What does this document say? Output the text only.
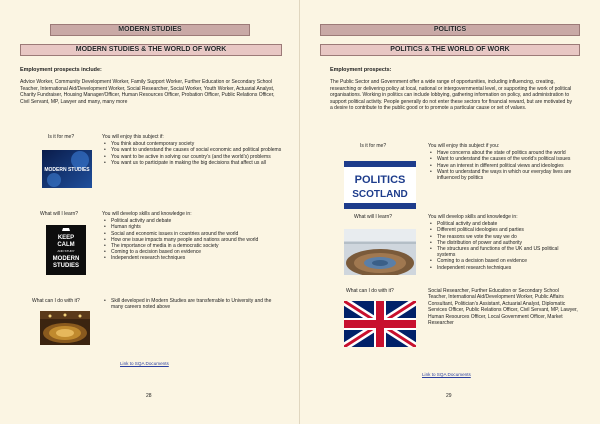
MODERN STUDIES
MODERN STUDIES & THE WORLD OF WORK
Employment prospects include:
Advice Worker, Community Development Worker, Family Support Worker, Further Education or Secondary School Teacher, International Aid/Development Worker, Social Researcher, Social Worker, Youth Worker, Actuarial Analyst, Charity Fundraiser, Housing Manager/Officer, Human Resources Officer, Probation Officer, Public Relations Officer, Civil Servant, MP, Lawyer and many, many more
Is it for me?
MODERN STUDIES
You will enjoy this subject if:
• You think about contemporary society
• You want to understand the causes of social economic and political problems
• You want to be active in solving our country’s (and the world’s) problems
• You want us to participate in making the big decisions that affect us all
What will I learn?
KEEP
CALM
AND STUDY
MODERN
STUDIES
You will develop skills and knowledge in:
• Political activity and debate
• Human rights
• Social and economic issues in countries around the world
• How one issue impacts many people and nations around the world
• The importance of media in a democratic society
• Coming to a decision based on evidence
• Independent research techniques
What can I do with it?
•	Skill developed in Modern Studies are transferrable to University and the many careers noted above
Link to SQA Documents
28
POLITICS
POLITICS & THE WORLD OF WORK
Employment prospects:
The Public Sector and Government offer a wide range of opportunities, including influencing, creating, researching or delivering policy at local, national or intergovernmental level, or supporting the work of political organisations. Working in politics can include lobbying, gathering information on policy, and administration to support political activity. People generally do not enter these sectors for financial reward, but are motivated by a desire to contribute to the public good or to promote a particular cause or set of values.
Is it for me?
POLITICS
SCOTLAND
You will enjoy this subject if you:
• Have concerns about the state of politics around the world
• Want to understand the causes of the world’s political issues
• Have an interest in different political views and ideologies
• Want to understand the ways in which our everyday lives are influenced by politics
What will I learn?	You will develop skills and knowledge in:
• Political activity and debate
• Different political ideologies and parties
• The reasons we vote the way we do
• The distribution of power and authority
• The structures and functions of the UK and US political systems
• Coming to a decision based on evidence
• Independent research techniques
What can I do with it?	Social Researcher, Further Education or Secondary School Teacher, International Aid/Development Worker, Public Affairs Consultant, Politician’s Assistant, Actuarial Analyst, Diplomatic Services Officer, Public Relations Officer, Civil Servant, MP, Lawyer, Human Resources Officer, Local Government Officer, Market Researcher
Link to SQA Documents
29
